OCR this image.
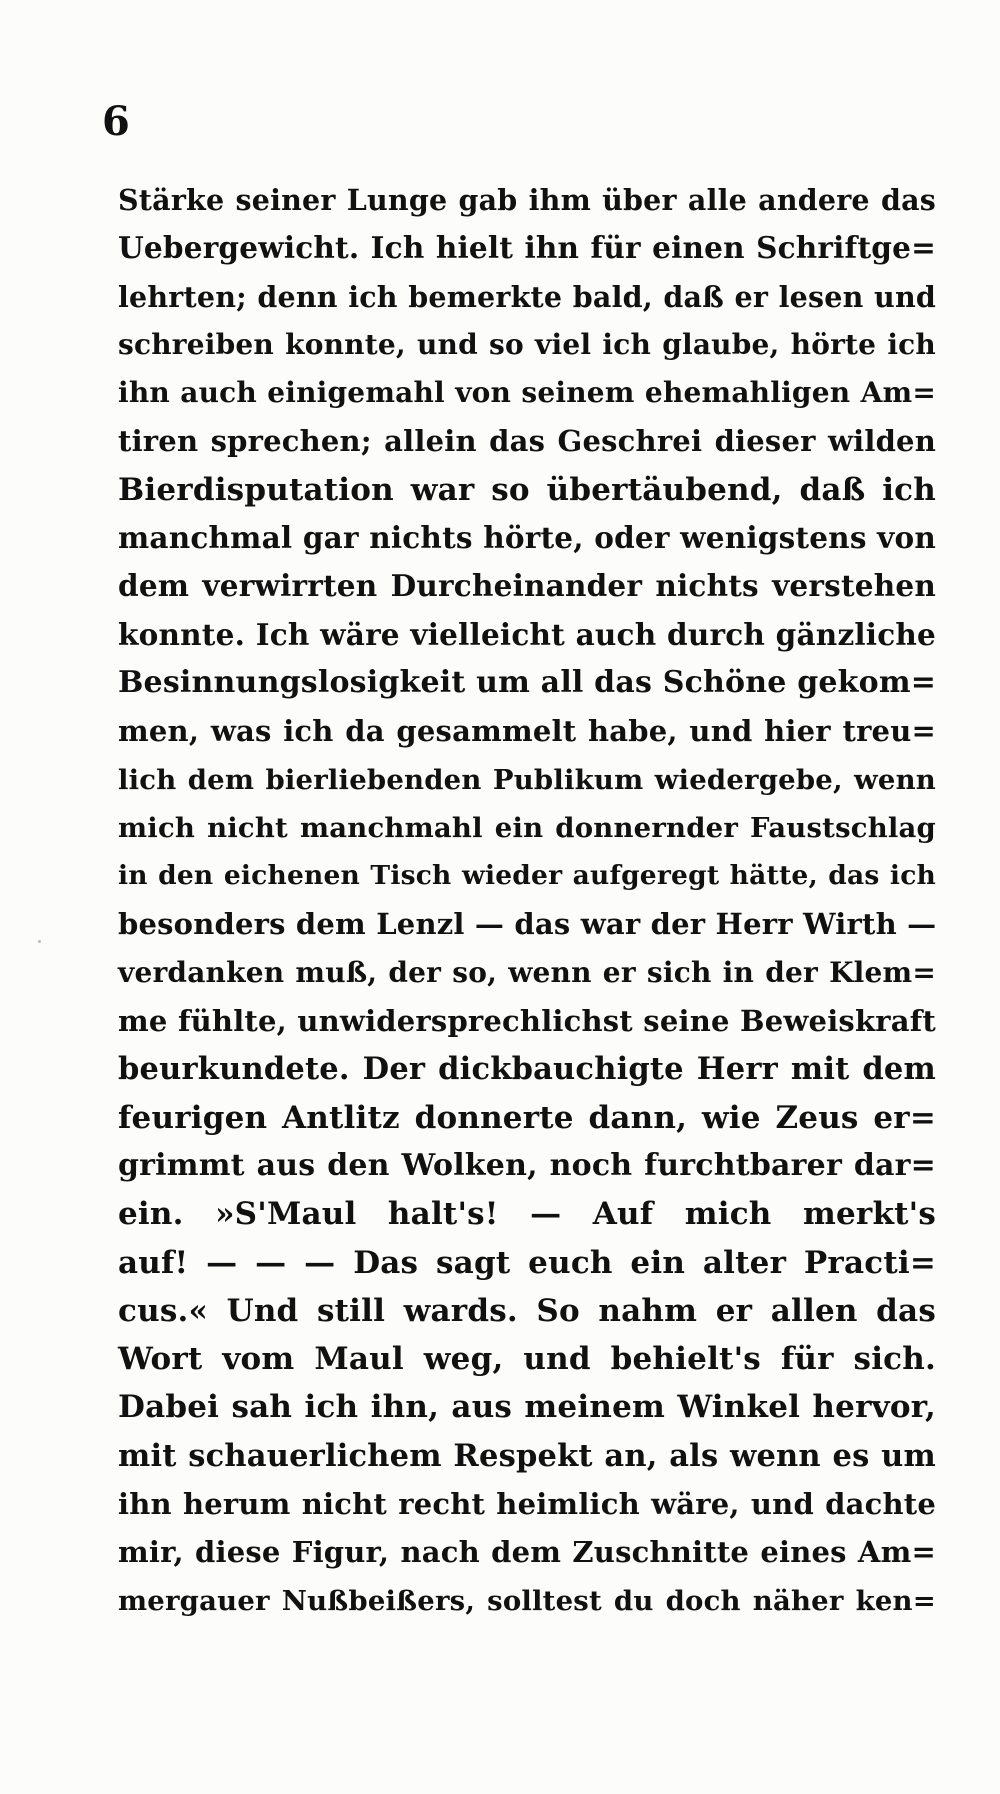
6
Stärke seiner Lunge gab ihm über alle andere das
Uebergewicht. Ich hielt ihn für einen Schriftge=
lehrten; denn ich bemerkte bald, daß er lesen und
schreiben konnte, und so viel ich glaube, hörte ich
ihn auch einigemahl von seinem ehemahligen Am=
tiren sprechen; allein das Geschrei dieser wilden
Bierdisputation war so übertäubend, daß ich
manchmal gar nichts hörte, oder wenigstens von
dem verwirrten Durcheinander nichts verstehen
konnte. Ich wäre vielleicht auch durch gänzliche
Besinnungslosigkeit um all das Schöne gekom=
men, was ich da gesammelt habe, und hier treu=
lich dem bierliebenden Publikum wiedergebe, wenn
mich nicht manchmahl ein donnernder Faustschlag
in den eichenen Tisch wieder aufgeregt hätte, das ich
besonders dem Lenzl — das war der Herr Wirth —
verdanken muß, der so, wenn er sich in der Klem=
me fühlte, unwidersprechlichst seine Beweiskraft
beurkundete. Der dickbauchigte Herr mit dem
feurigen Antlitz donnerte dann, wie Zeus er=
grimmt aus den Wolken, noch furchtbarer dar=
ein. »S'Maul halt's! — Auf mich merkt's
auf! — — — Das sagt euch ein alter Practi=
cus.« Und still wards. So nahm er allen das
Wort vom Maul weg, und behielt's für sich.
Dabei sah ich ihn, aus meinem Winkel hervor,
mit schauerlichem Respekt an, als wenn es um
ihn herum nicht recht heimlich wäre, und dachte
mir, diese Figur, nach dem Zuschnitte eines Am=
mergauer Nußbeißers, solltest du doch näher ken=
